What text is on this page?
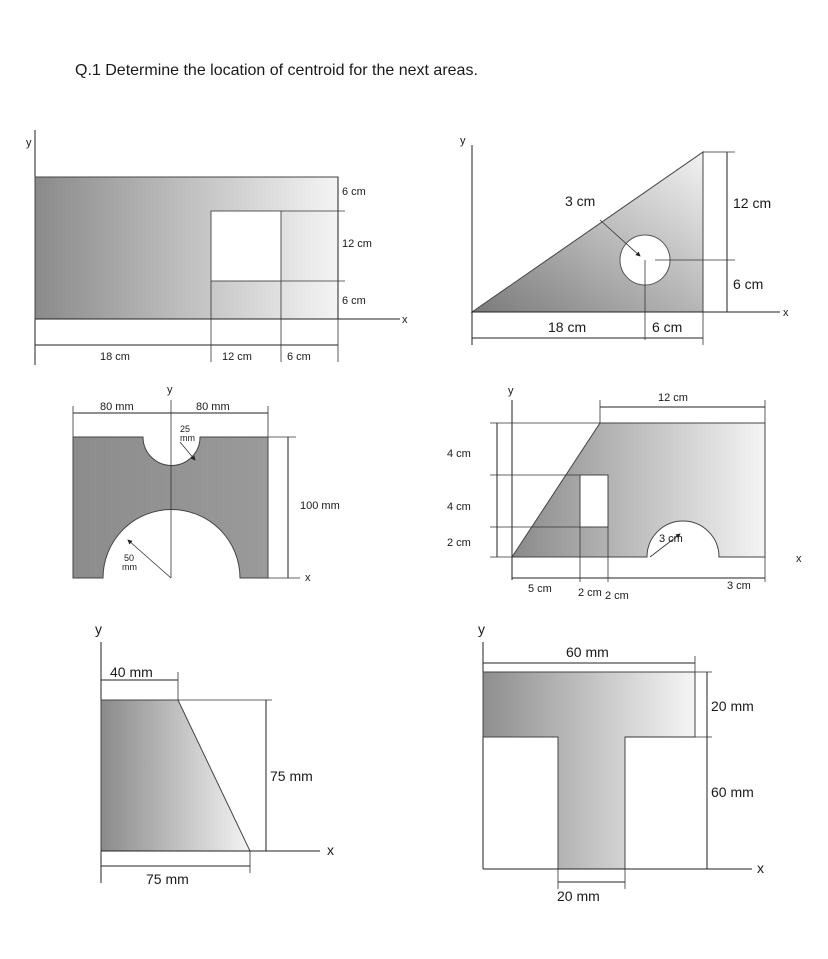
Q.1 Determine the location of centroid for the next areas.
y
x
6 cm
12 cm
6 cm
18 cm	12 cm	6 cm
y
x
3 cm	12 cm
6 cm
18 cm	6 cm
y
80 mm	80 mm
25
mm
50
mm
100 mm
x
y
3 cm
12 cm
4 cm
4 cm
2 cm
5 cm 2 cm 2 cm
3 cm
x
y
40 mm
75 mm
x
75 mm
y
60 mm
20 mm
60 mm
x
20 mm
